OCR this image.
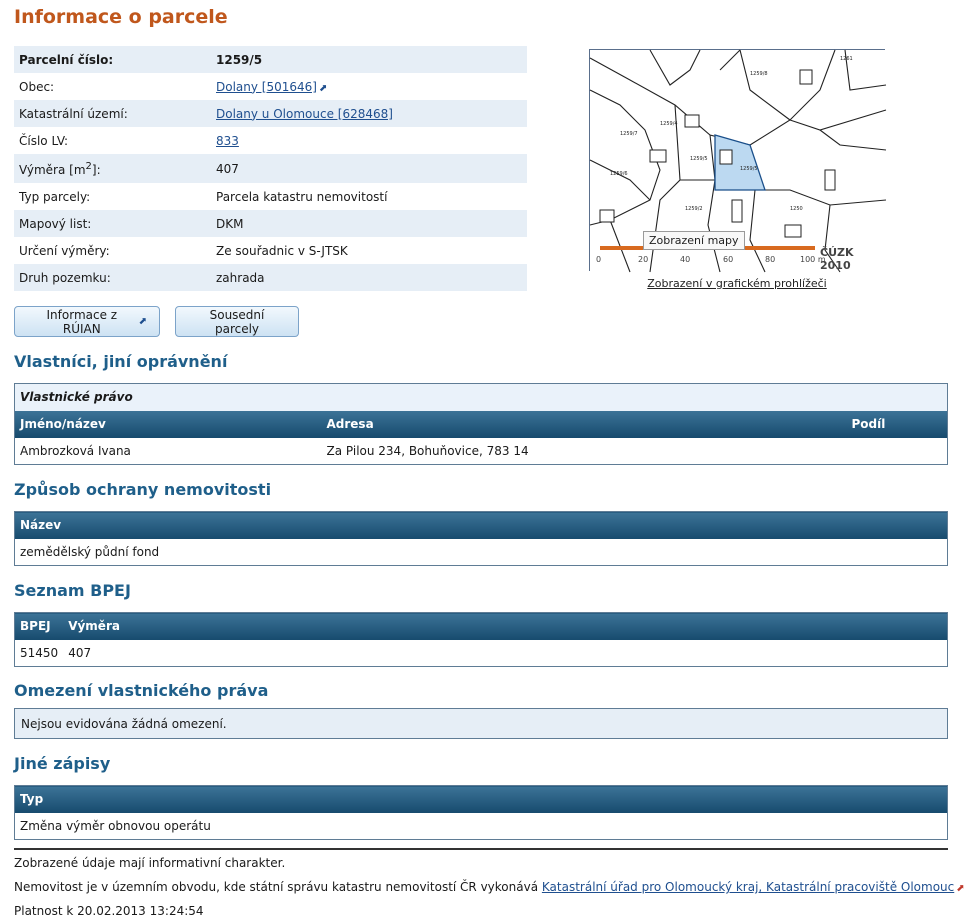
Informace o parcele
Parcelní číslo:	1259/5
Obec:	Dolany [501646] ⬈
Katastrální území:	Dolany u Olomouce [628468]
Číslo LV:	833
Výměra $[m^2]$:	407
Typ parcely:	Parcela katastru nemovitostí
Mapový list:	DKM
Určení výměry:	Ze souřadnic v S-JTSK
Druh pozemku:	zahrada
1259/7
1259/4
1259/5
1259/6
1259/5
1259/2	1250
1259/8
1261
0	20	40	60	80	100 m
ČÚZK 2010
Zobrazení mapy
Zobrazení v grafickém prohlížeči
Informace z RÚIAN	⬈	Sousední parcely
Vlastníci, jiní oprávnění
Vlastnické právo		
Jméno/název	Adresa	Podíl
Ambrozková Ivana	Za Pilou 234, Bohuňovice, 783 14	
Způsob ochrany nemovitosti
Název
zemědělský půdní fond
Seznam BPEJ
BPEJ	Výměra
51450	407
Omezení vlastnického práva
Nejsou evidována žádná omezení.
Jiné zápisy
Typ
Změna výměr obnovou operátu
Zobrazené údaje mají informativní charakter.
Nemovitost je v územním obvodu, kde státní správu katastru nemovitostí ČR vykonává Katastrální úřad pro Olomoucký kraj, Katastrální pracoviště Olomouc ⬈
Platnost k 20.02.2013 13:24:54
